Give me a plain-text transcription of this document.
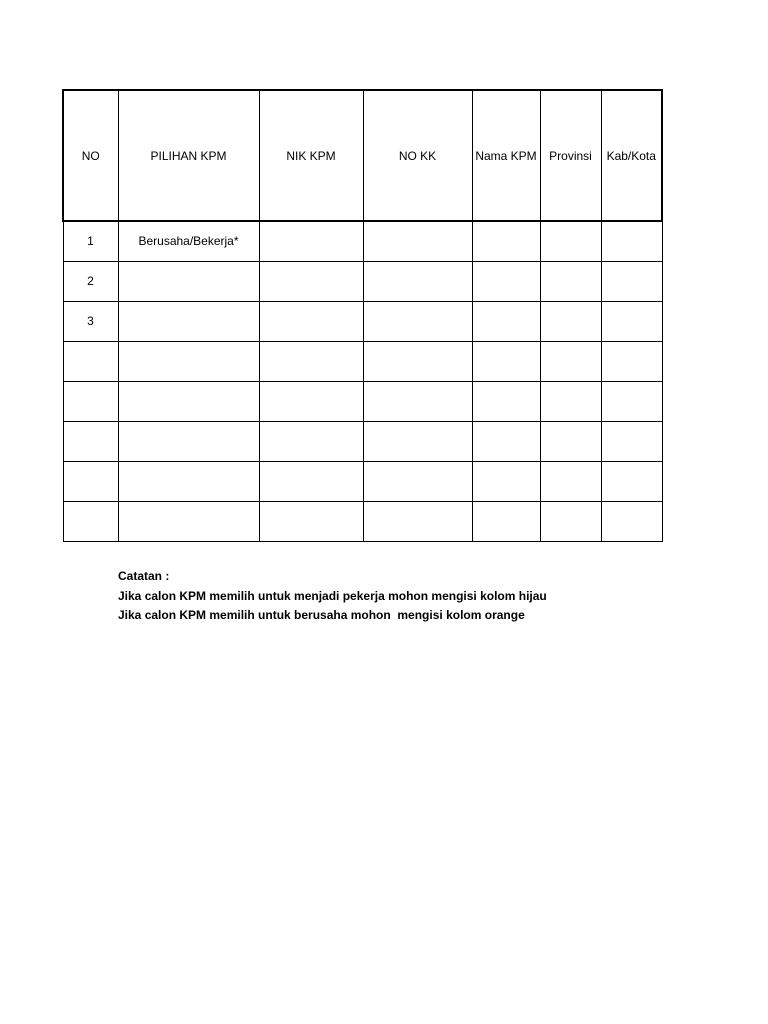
NO	PILIHAN KPM	NIK KPM	NO KK	Nama KPM	Provinsi	Kab/Kota
1	Berusaha/Bekerja*					
2						
3						

Catatan :
Jika calon KPM memilih untuk menjadi pekerja mohon mengisi kolom hijau
Jika calon KPM memilih untuk berusaha mohon  mengisi kolom orange
